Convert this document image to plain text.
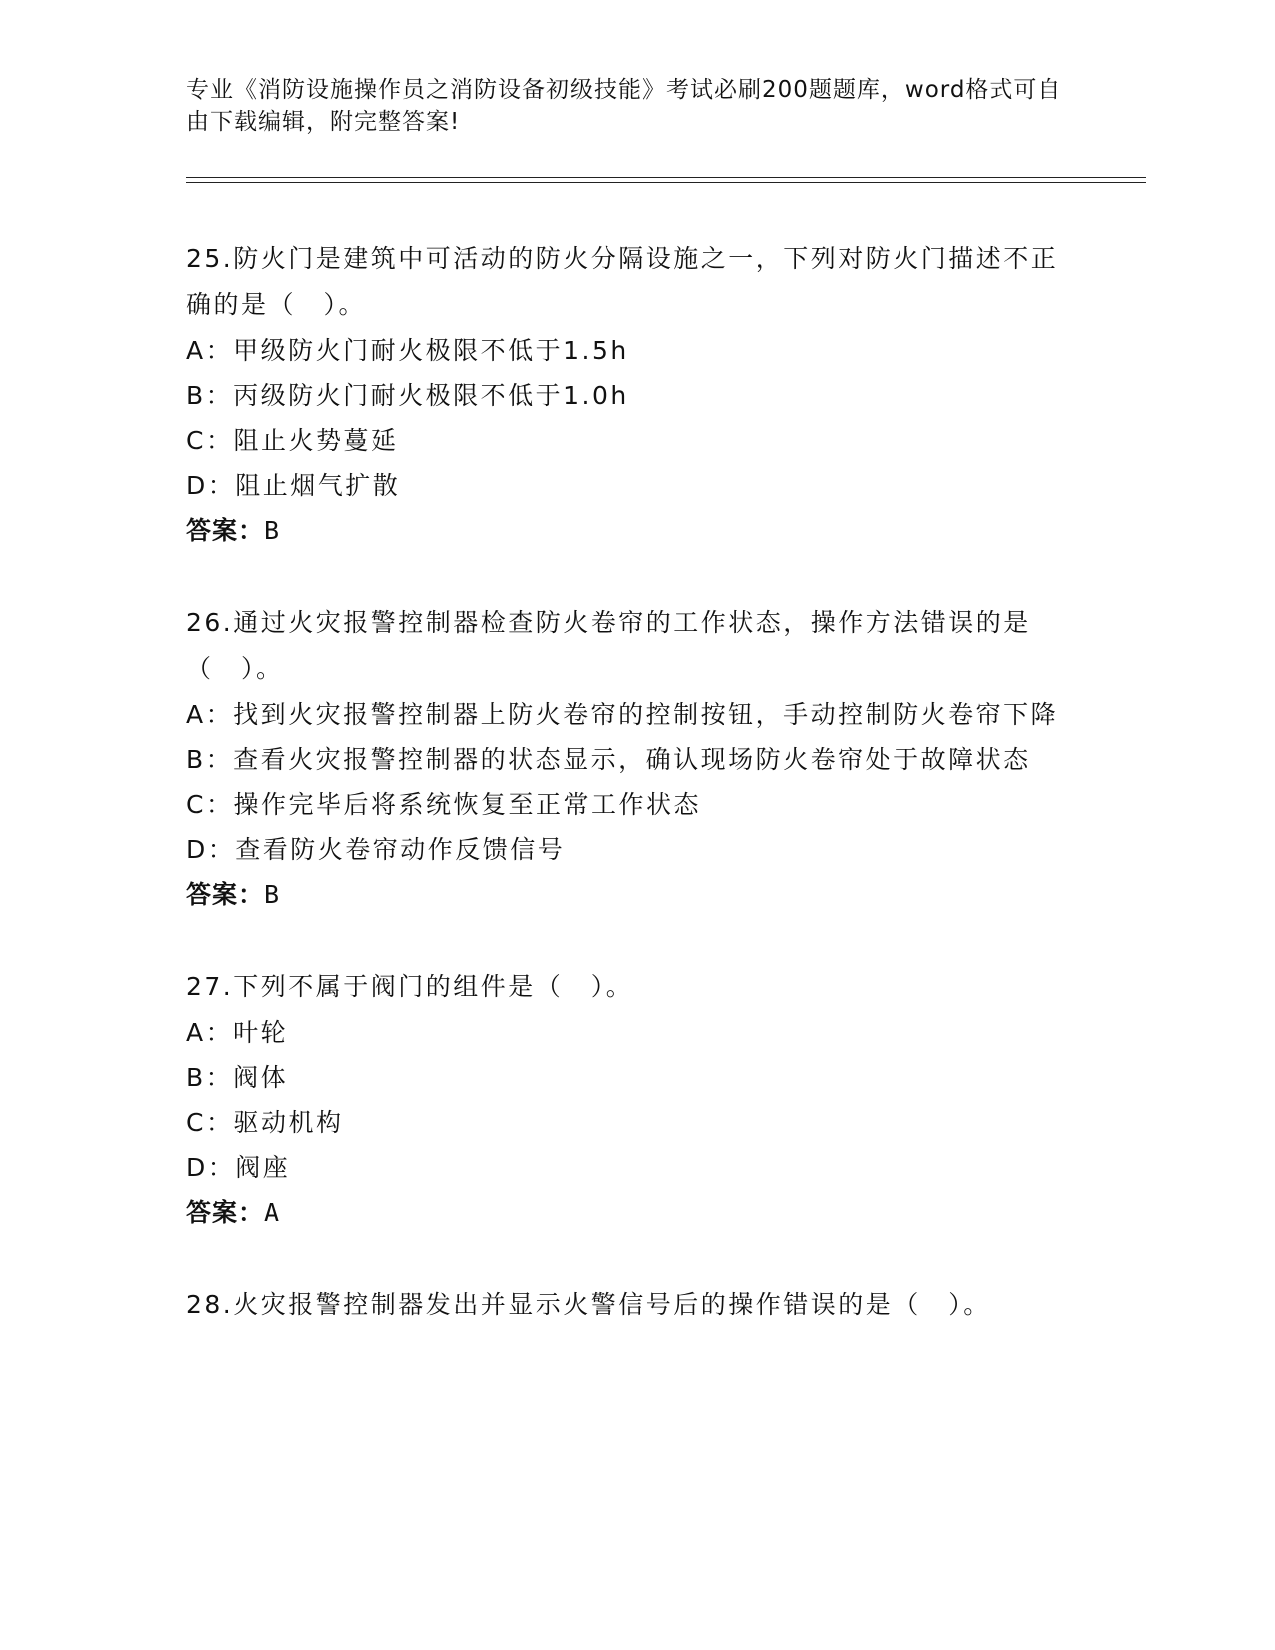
专业《消防设施操作员之消防设备初级技能》考试必刷200题题库，word格式可自由下载编辑，附完整答案!

25.防火门是建筑中可活动的防火分隔设施之一，下列对防火门描述不正确的是（　）。

A：甲级防火门耐火极限不低于1.5h

B：丙级防火门耐火极限不低于1.0h

C：阻止火势蔓延

D：阻止烟气扩散

答案：B

26.通过火灾报警控制器检查防火卷帘的工作状态，操作方法错误的是（　）。

A：找到火灾报警控制器上防火卷帘的控制按钮，手动控制防火卷帘下降

B：查看火灾报警控制器的状态显示，确认现场防火卷帘处于故障状态

C：操作完毕后将系统恢复至正常工作状态

D：查看防火卷帘动作反馈信号

答案：B

27.下列不属于阀门的组件是（　）。

A：叶轮

B：阀体

C：驱动机构

D：阀座

答案：A

28.火灾报警控制器发出并显示火警信号后的操作错误的是（　）。
